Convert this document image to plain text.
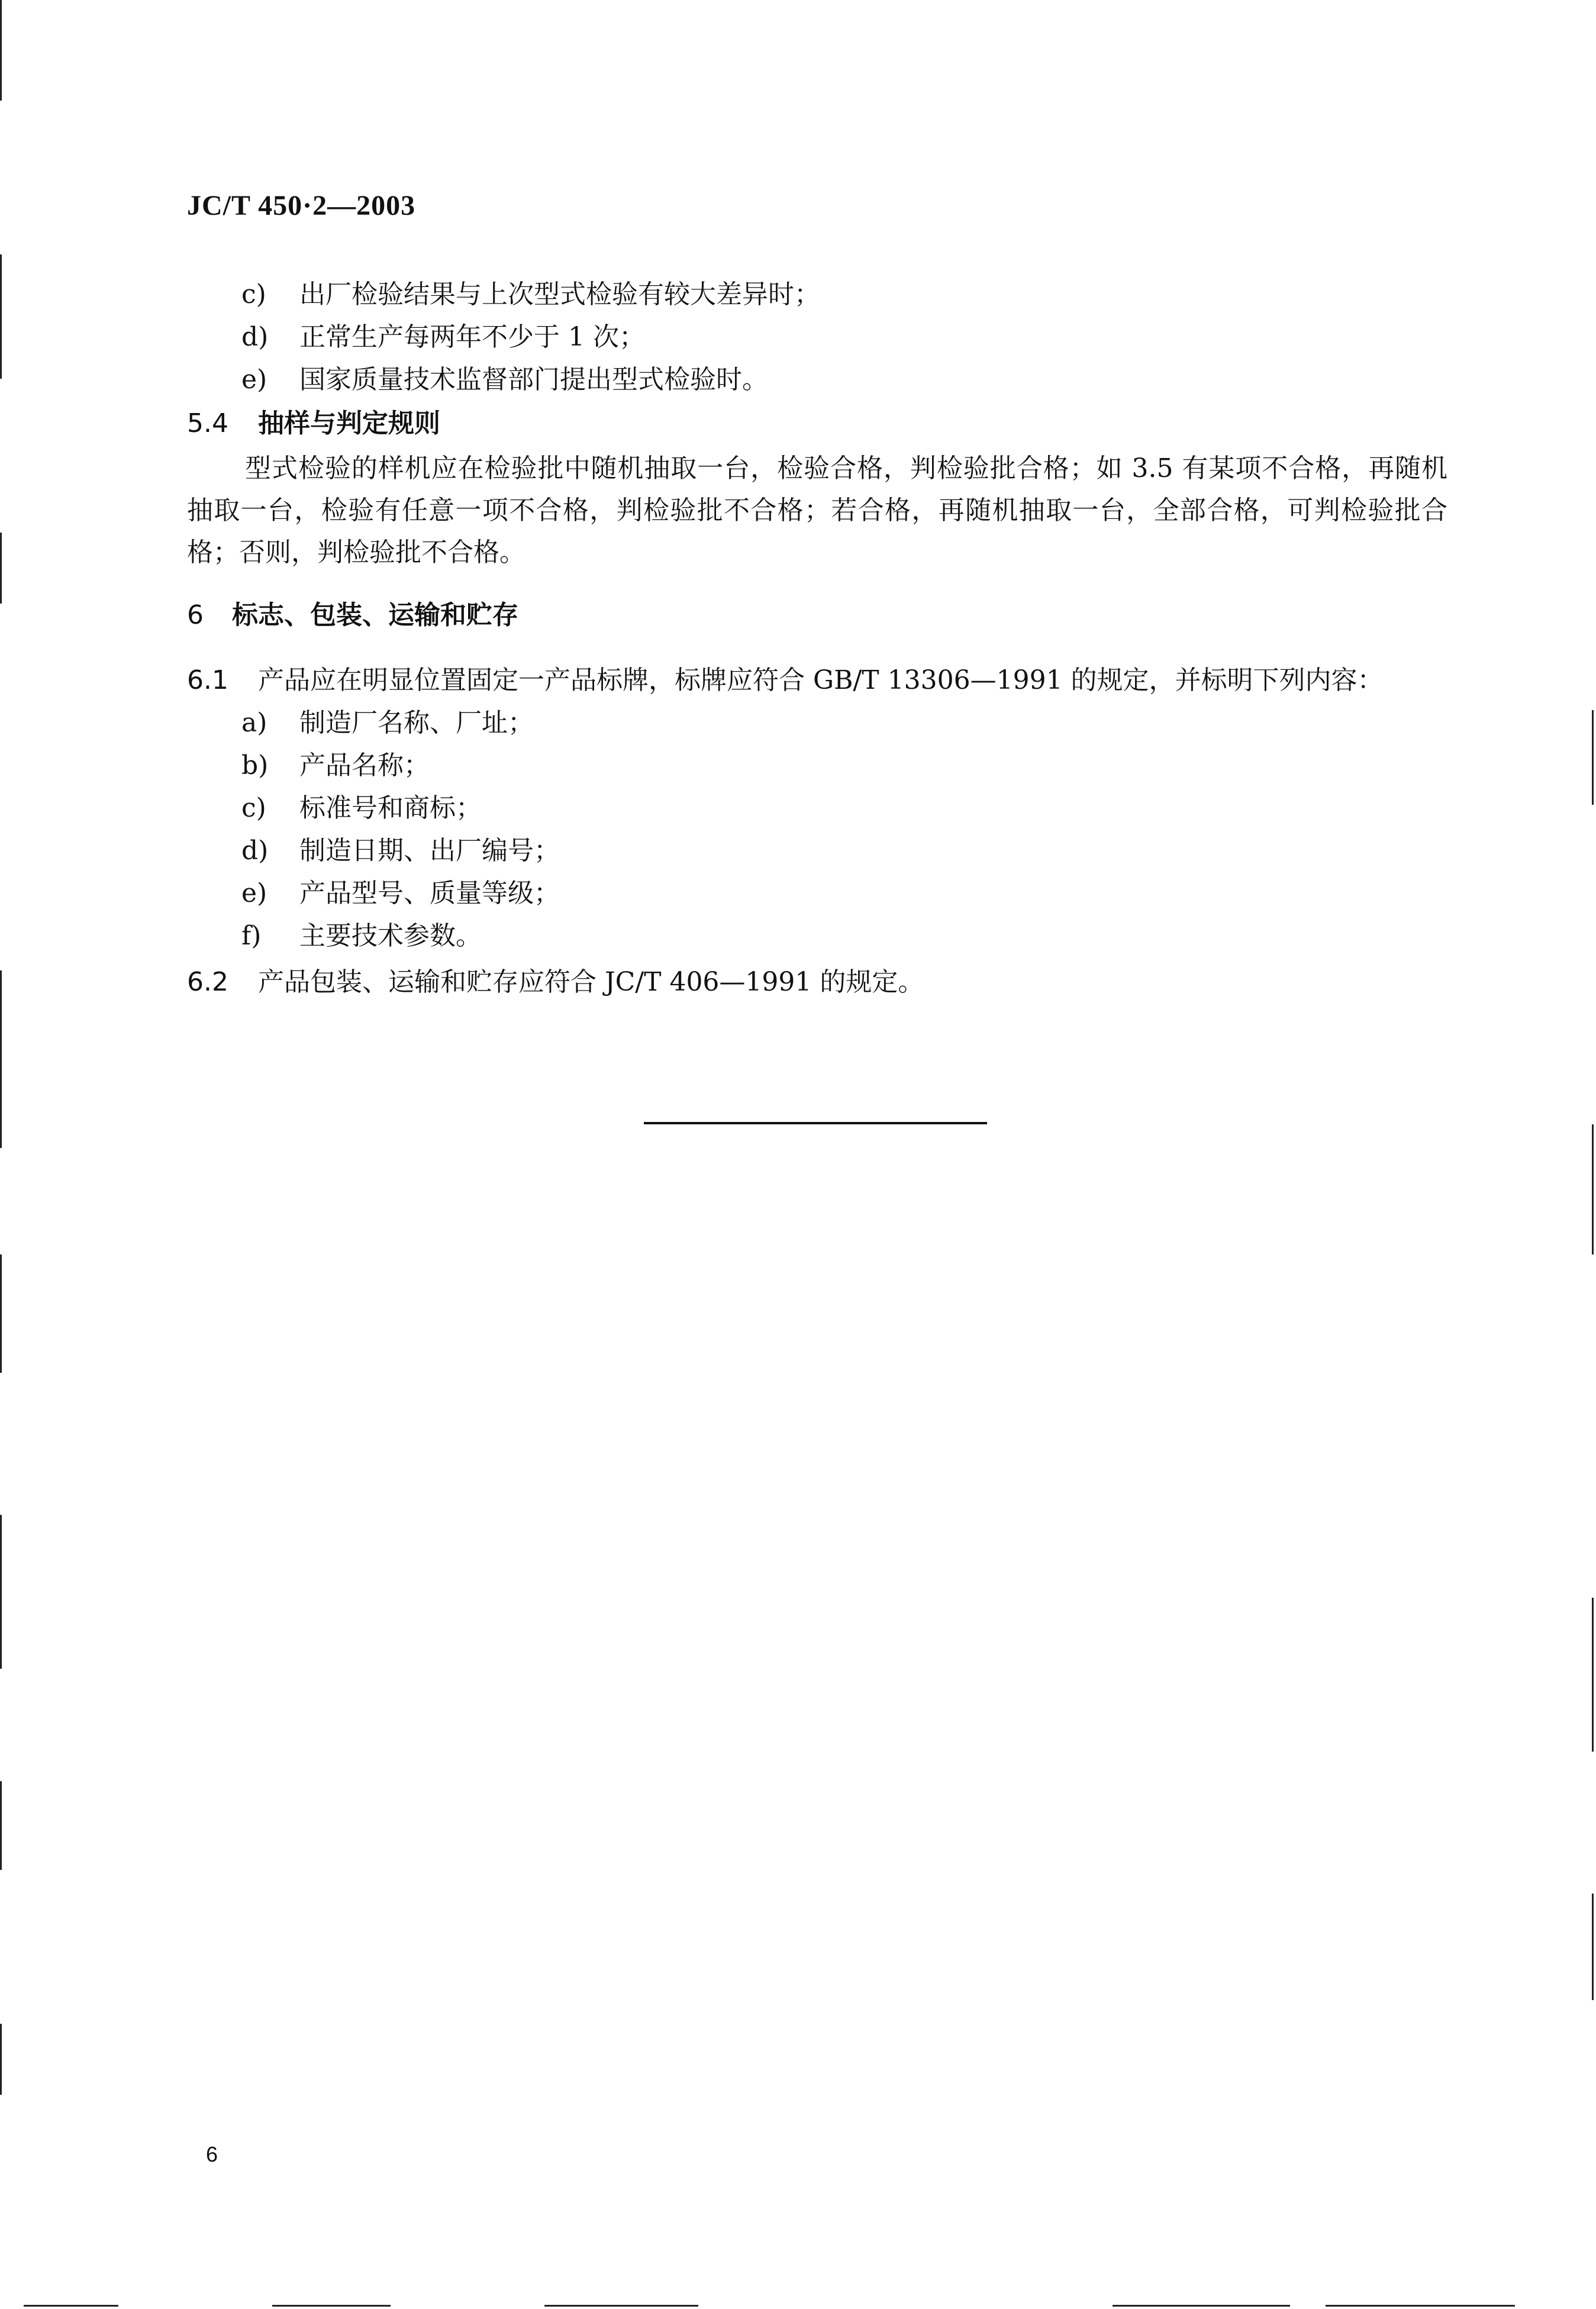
JC/T 450·2—2003
c) 出厂检验结果与上次型式检验有较大差异时；
d) 正常生产每两年不少于 1 次；
e) 国家质量技术监督部门提出型式检验时。
5.4 抽样与判定规则
型式检验的样机应在检验批中随机抽取一台，检验合格，判检验批合格；如 3.5 有某项不合格，再随机抽取一台，检验有任意一项不合格，判检验批不合格；若合格，再随机抽取一台，全部合格，可判检验批合格；否则，判检验批不合格。
6 标志、包装、运输和贮存
6.1 产品应在明显位置固定一产品标牌，标牌应符合 GB/T 13306—1991 的规定，并标明下列内容：
a) 制造厂名称、厂址；
b) 产品名称；
c) 标准号和商标；
d) 制造日期、出厂编号；
e) 产品型号、质量等级；
f) 主要技术参数。
6.2 产品包装、运输和贮存应符合 JC/T 406—1991 的规定。
6
